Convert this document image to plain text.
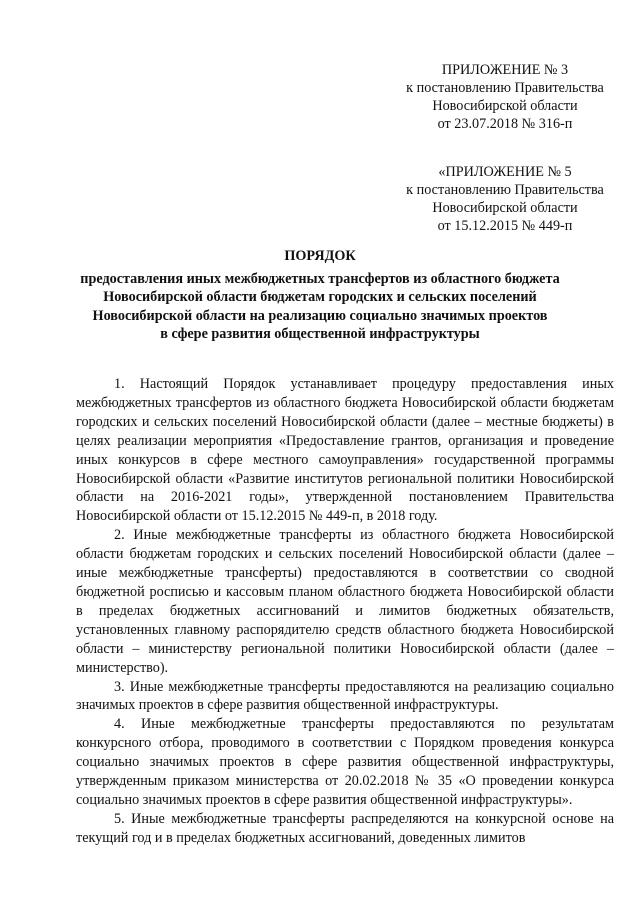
ПРИЛОЖЕНИЕ № 3
к постановлению Правительства
Новосибирской области
от 23.07.2018 № 316-п
«ПРИЛОЖЕНИЕ № 5
к постановлению Правительства
Новосибирской области
от 15.12.2015 № 449-п
ПОРЯДОК
предоставления иных межбюджетных трансфертов из областного бюджета
Новосибирской области бюджетам городских и сельских поселений
Новосибирской области на реализацию социально значимых проектов
в сфере развития общественной инфраструктуры

1. Настоящий Порядок устанавливает процедуру предоставления иных межбюджетных трансфертов из областного бюджета Новосибирской области бюджетам городских и сельских поселений Новосибирской области (далее – местные бюджеты) в целях реализации мероприятия «Предоставление грантов, организация и проведение иных конкурсов в сфере местного самоуправления» государственной программы Новосибирской области «Развитие институтов региональной политики Новосибирской области на 2016-2021 годы», утвержденной постановлением Правительства Новосибирской области от 15.12.2015 № 449-п, в 2018 году.

2. Иные межбюджетные трансферты из областного бюджета Новосибирской области бюджетам городских и сельских поселений Новосибирской области (далее – иные межбюджетные трансферты) предоставляются в соответствии со сводной бюджетной росписью и кассовым планом областного бюджета Новосибирской области в пределах бюджетных ассигнований и лимитов бюджетных обязательств, установленных главному распорядителю средств областного бюджета Новосибирской области – министерству региональной политики Новосибирской области (далее – министерство).

3. Иные межбюджетные трансферты предоставляются на реализацию социально значимых проектов в сфере развития общественной инфраструктуры.

4. Иные межбюджетные трансферты предоставляются по результатам конкурсного отбора, проводимого в соответствии с Порядком проведения конкурса социально значимых проектов в сфере развития общественной инфраструктуры, утвержденным приказом министерства от 20.02.2018 № 35 «О проведении конкурса социально значимых проектов в сфере развития общественной инфраструктуры».

5. Иные межбюджетные трансферты распределяются на конкурсной основе на текущий год и в пределах бюджетных ассигнований, доведенных лимитов
